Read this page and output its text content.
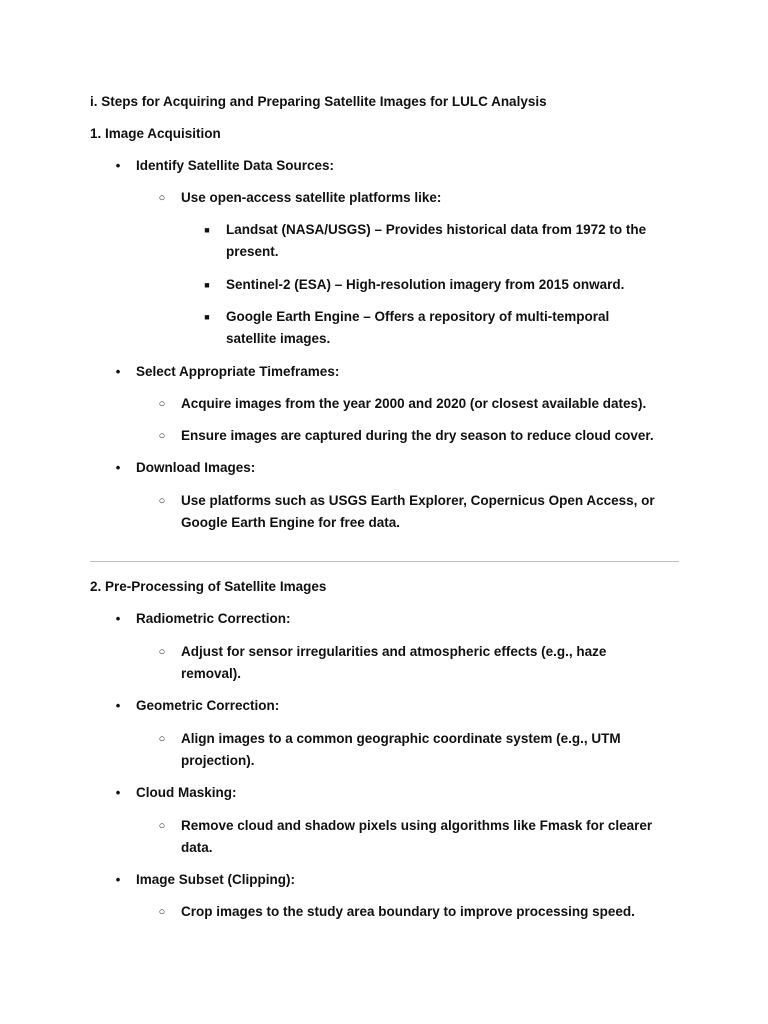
i. Steps for Acquiring and Preparing Satellite Images for LULC Analysis
1. Image Acquisition
• Identify Satellite Data Sources:
○ Use open-access satellite platforms like:
■ Landsat (NASA/USGS) – Provides historical data from 1972 to the
present.
■ Sentinel-2 (ESA) – High-resolution imagery from 2015 onward.
■ Google Earth Engine – Offers a repository of multi-temporal
satellite images.
• Select Appropriate Timeframes:
○ Acquire images from the year 2000 and 2020 (or closest available dates).
○ Ensure images are captured during the dry season to reduce cloud cover.
• Download Images:
○ Use platforms such as USGS Earth Explorer, Copernicus Open Access, or
Google Earth Engine for free data.
2. Pre-Processing of Satellite Images
• Radiometric Correction:
○ Adjust for sensor irregularities and atmospheric effects (e.g., haze
removal).
• Geometric Correction:
○ Align images to a common geographic coordinate system (e.g., UTM
projection).
• Cloud Masking:
○ Remove cloud and shadow pixels using algorithms like Fmask for clearer
data.
• Image Subset (Clipping):
○ Crop images to the study area boundary to improve processing speed.
